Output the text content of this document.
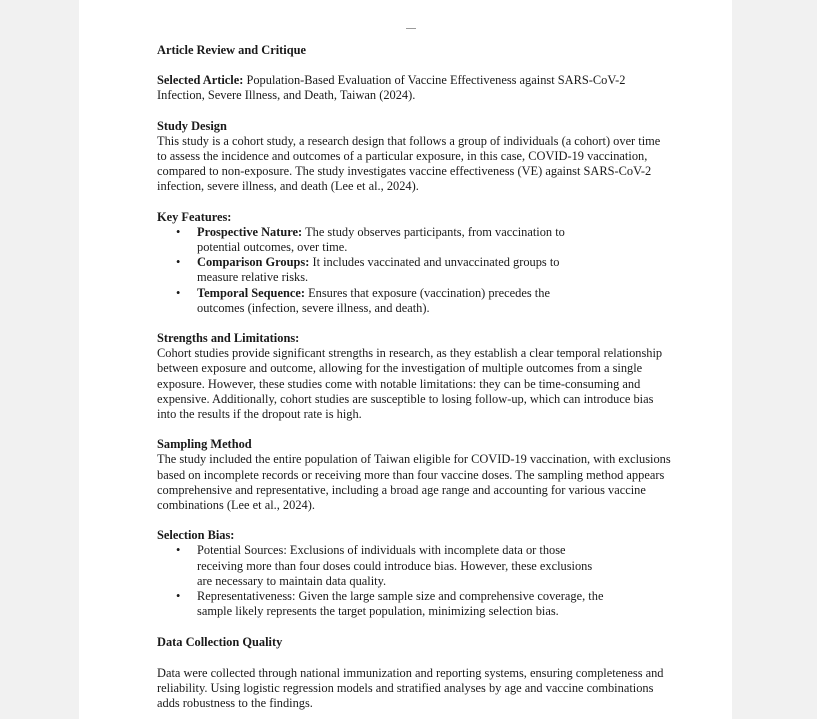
Article Review and Critique

Selected Article: Population-Based Evaluation of Vaccine Effectiveness against SARS-CoV-2 Infection, Severe Illness, and Death, Taiwan (2024).

Study Design

This study is a cohort study, a research design that follows a group of individuals (a cohort) over time to assess the incidence and outcomes of a particular exposure, in this case, COVID-19 vaccination, compared to non-exposure. The study investigates vaccine effectiveness (VE) against SARS-CoV-2 infection, severe illness, and death (Lee et al., 2024).

Key Features:

• Prospective Nature: The study observes participants, from vaccination to potential outcomes, over time.
• Comparison Groups: It includes vaccinated and unvaccinated groups to measure relative risks.
• Temporal Sequence: Ensures that exposure (vaccination) precedes the outcomes (infection, severe illness, and death).

Strengths and Limitations:

Cohort studies provide significant strengths in research, as they establish a clear temporal relationship between exposure and outcome, allowing for the investigation of multiple outcomes from a single exposure. However, these studies come with notable limitations: they can be time-consuming and expensive. Additionally, cohort studies are susceptible to losing follow-up, which can introduce bias into the results if the dropout rate is high.

Sampling Method

The study included the entire population of Taiwan eligible for COVID-19 vaccination, with exclusions based on incomplete records or receiving more than four vaccine doses. The sampling method appears comprehensive and representative, including a broad age range and accounting for various vaccine combinations (Lee et al., 2024).

Selection Bias:

• Potential Sources: Exclusions of individuals with incomplete data or those receiving more than four doses could introduce bias. However, these exclusions are necessary to maintain data quality.
• Representativeness: Given the large sample size and comprehensive coverage, the sample likely represents the target population, minimizing selection bias.

Data Collection Quality

Data were collected through national immunization and reporting systems, ensuring completeness and reliability. Using logistic regression models and stratified analyses by age and vaccine combinations adds robustness to the findings.
